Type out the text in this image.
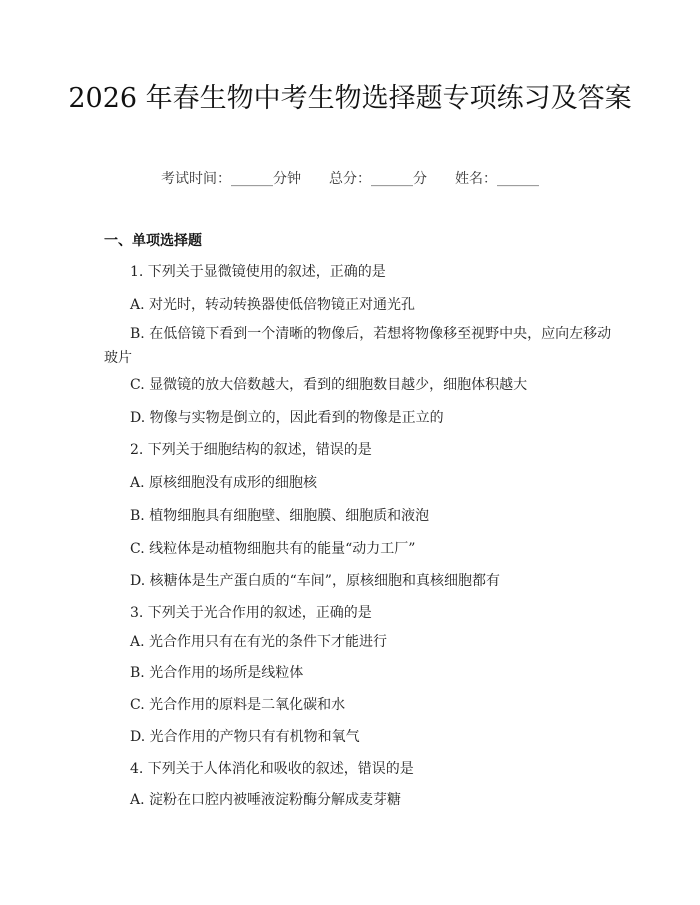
2026 年春生物中考生物选择题专项练习及答案
考试时间：______分钟 总分：______分 姓名：______
一、单项选择题

1. 下列关于显微镜使用的叙述，正确的是

A. 对光时，转动转换器使低倍物镜正对通光孔

B. 在低倍镜下看到一个清晰的物像后，若想将物像移至视野中央，应向左移动玻片

C. 显微镜的放大倍数越大，看到的细胞数目越少，细胞体积越大

D. 物像与实物是倒立的，因此看到的物像是正立的

2. 下列关于细胞结构的叙述，错误的是

A. 原核细胞没有成形的细胞核

B. 植物细胞具有细胞壁、细胞膜、细胞质和液泡

C. 线粒体是动植物细胞共有的能量“动力工厂”

D. 核糖体是生产蛋白质的“车间”，原核细胞和真核细胞都有

3. 下列关于光合作用的叙述，正确的是

A. 光合作用只有在有光的条件下才能进行

B. 光合作用的场所是线粒体

C. 光合作用的原料是二氧化碳和水

D. 光合作用的产物只有有机物和氧气

4. 下列关于人体消化和吸收的叙述，错误的是

A. 淀粉在口腔内被唾液淀粉酶分解成麦芽糖
